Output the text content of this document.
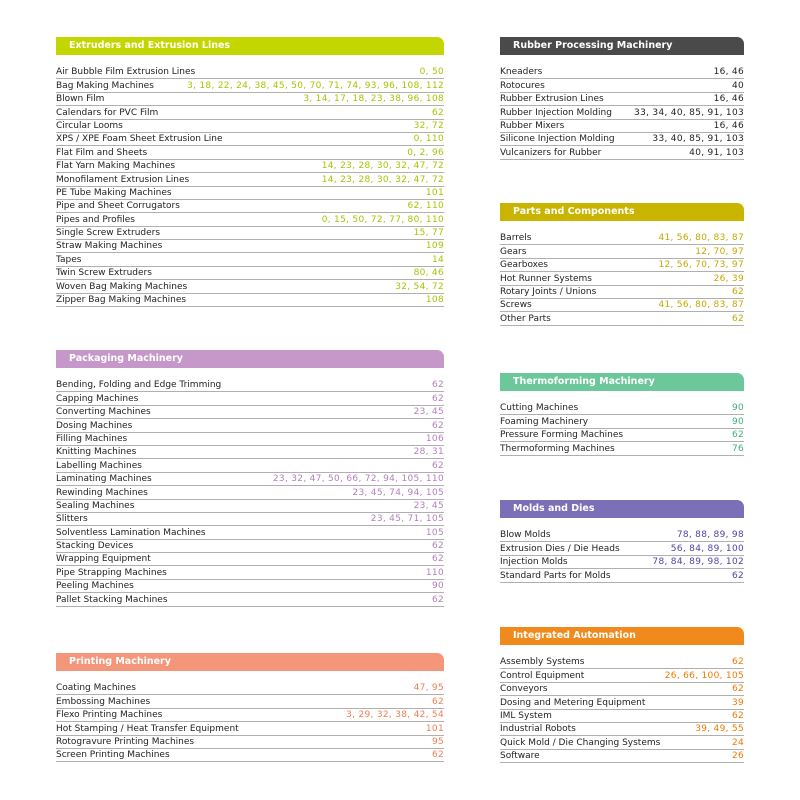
Extruders and Extrusion Lines
Air Bubble Film Extrusion Lines	0, 50
Bag Making Machines	3, 18, 22, 24, 38, 45, 50, 70, 71, 74, 93, 96, 108, 112
Blown Film	3, 14, 17, 18, 23, 38, 96, 108
Calendars for PVC Film	62
Circular Looms	32, 72
XPS / XPE Foam Sheet Extrusion Line	0, 110
Flat Film and Sheets	0, 2, 96
Flat Yarn Making Machines	14, 23, 28, 30, 32, 47, 72
Monofilament Extrusion Lines	14, 23, 28, 30, 32, 47, 72
PE Tube Making Machines	101
Pipe and Sheet Corrugators	62, 110
Pipes and Profiles	0, 15, 50, 72, 77, 80, 110
Single Screw Extruders	15, 77
Straw Making Machines	109
Tapes	14
Twin Screw Extruders	80, 46
Woven Bag Making Machines	32, 54, 72
Zipper Bag Making Machines	108
Packaging Machinery
Bending, Folding and Edge Trimming	62
Capping Machines	62
Converting Machines	23, 45
Dosing Machines	62
Filling Machines	106
Knitting Machines	28, 31
Labelling Machines	62
Laminating Machines	23, 32, 47, 50, 66, 72, 94, 105, 110
Rewinding Machines	23, 45, 74, 94, 105
Sealing Machines	23, 45
Slitters	23, 45, 71, 105
Solventless Lamination Machines	105
Stacking Devices	62
Wrapping Equipment	62
Pipe Strapping Machines	110
Peeling Machines	90
Pallet Stacking Machines	62
Printing Machinery
Coating Machines	47, 95
Embossing Machines	62
Flexo Printing Machines	3, 29, 32, 38, 42, 54
Hot Stamping / Heat Transfer Equipment	101
Rotogravure Printing Machines	95
Screen Printing Machines	62
Rubber Processing Machinery
Kneaders	16, 46
Rotocures	40
Rubber Extrusion Lines	16, 46
Rubber Injection Molding 33, 34, 40, 85, 91, 103
Rubber Mixers	16, 46
Silicone Injection Molding	33, 40, 85, 91, 103
Vulcanizers for Rubber	40, 91, 103
Parts and Components
Barrels	41, 56, 80, 83, 87
Gears	12, 70, 97
Gearboxes	12, 56, 70, 73, 97
Hot Runner Systems	26, 39
Rotary Joints / Unions	62
Screws	41, 56, 80, 83, 87
Other Parts	62
Thermoforming Machinery
Cutting Machines	90
Foaming Machinery	90
Pressure Forming Machines	62
Thermoforming Machines	76
Molds and Dies
Blow Molds	78, 88, 89, 98
Extrusion Dies / Die Heads	56, 84, 89, 100
Injection Molds	78, 84, 89, 98, 102
Standard Parts for Molds	62
Integrated Automation
Assembly Systems	62
Control Equipment	26, 66, 100, 105
Conveyors	62
Dosing and Metering Equipment	39
IML System	62
Industrial Robots	39, 49, 55
Quick Mold / Die Changing Systems	24
Software	26
